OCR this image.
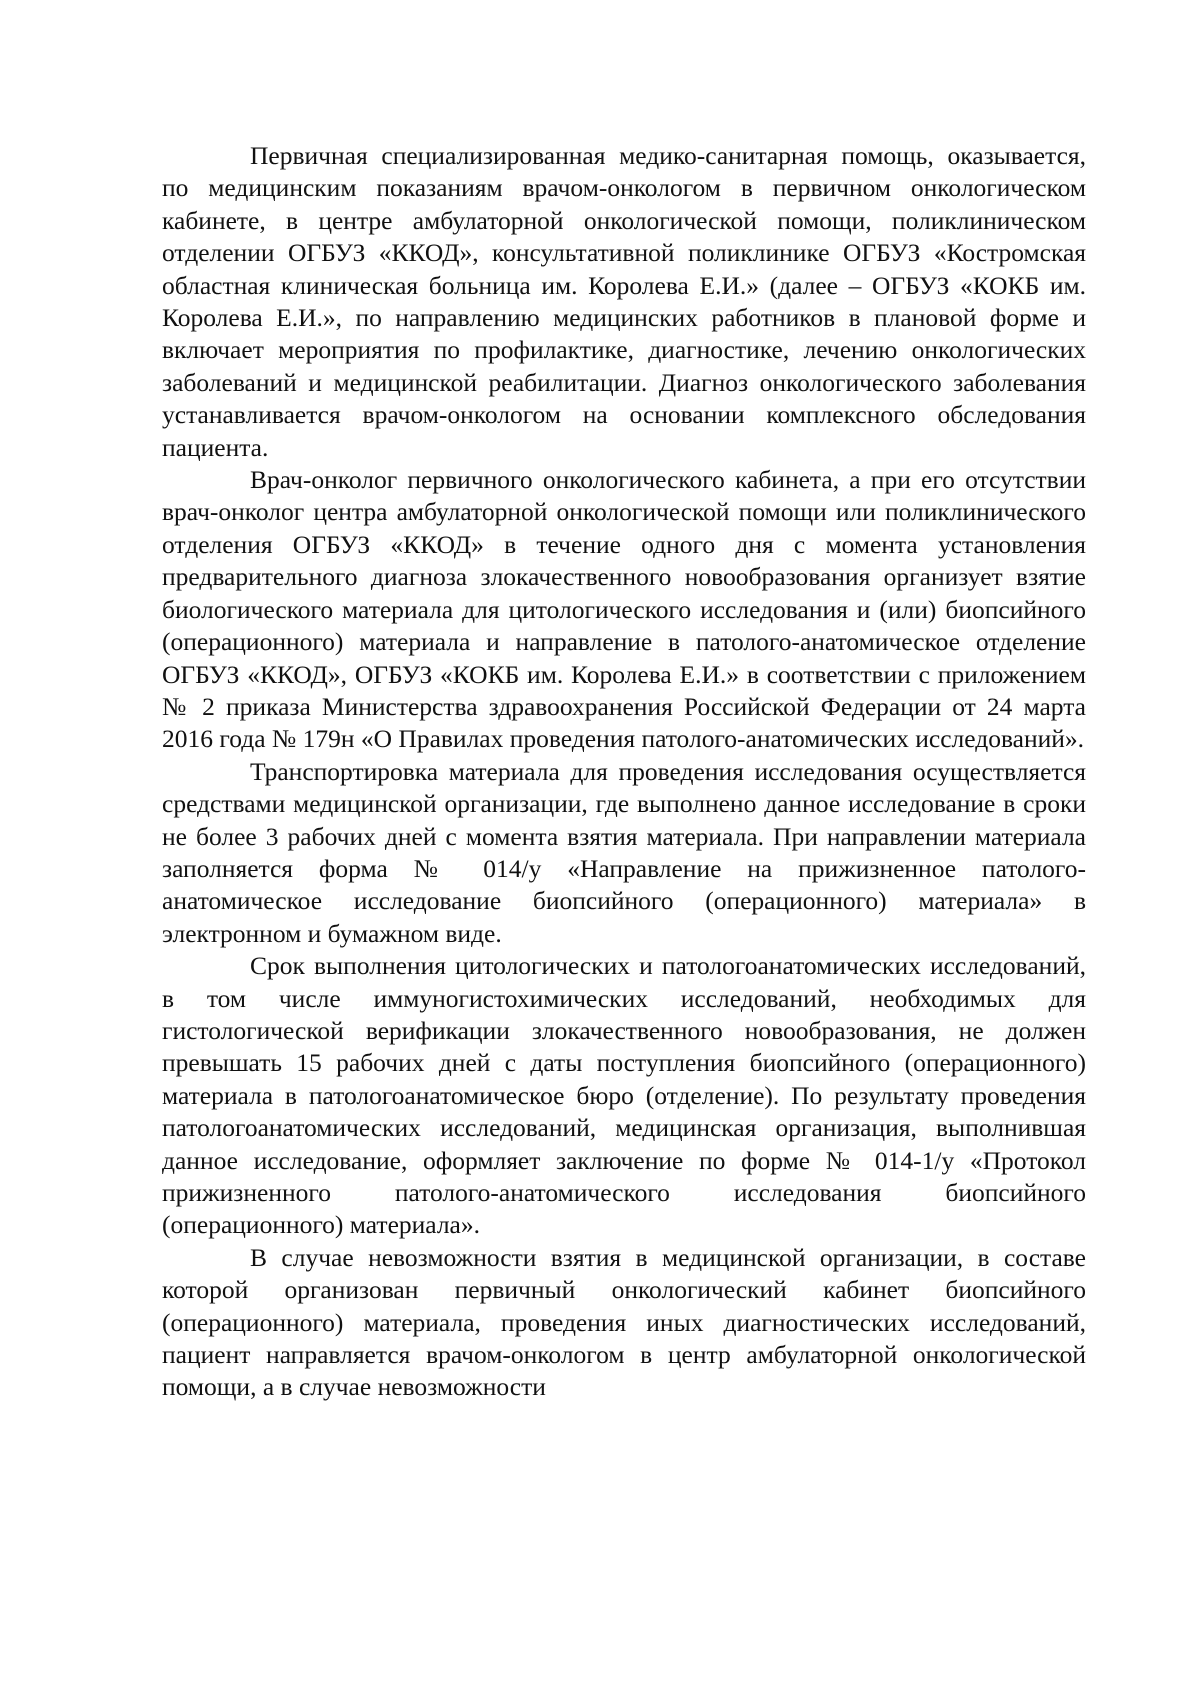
Первичная специализированная медико-санитарная помощь, оказывается, по медицинским показаниям врачом-онкологом в первичном онкологическом кабинете, в центре амбулаторной онкологической помощи, поликлиническом отделении ОГБУЗ «ККОД», консультативной поликлинике ОГБУЗ «Костромская областная клиническая больница им. Королева Е.И.» (далее – ОГБУЗ «КОКБ им. Королева Е.И.», по направлению медицинских работников в плановой форме и включает мероприятия по профилактике, диагностике, лечению онкологических заболеваний и медицинской реабилитации. Диагноз онкологического заболевания устанавливается врачом-онкологом на основании комплексного обследования пациента.

Врач-онколог первичного онкологического кабинета, а при его отсутствии врач-онколог центра амбулаторной онкологической помощи или поликлинического отделения ОГБУЗ «ККОД» в течение одного дня с момента установления предварительного диагноза злокачественного новообразования организует взятие биологического материала для цитологического исследования и (или) биопсийного (операционного) материала и направление в патолого-анатомическое отделение ОГБУЗ «ККОД», ОГБУЗ «КОКБ им. Королева Е.И.» в соответствии с приложением № 2 приказа Министерства здравоохранения Российской Федерации от 24 марта 2016 года № 179н «О Правилах проведения патолого-анатомических исследований».

Транспортировка материала для проведения исследования осуществляется средствами медицинской организации, где выполнено данное исследование в сроки не более 3 рабочих дней с момента взятия материала. При направлении материала заполняется форма № 014/у «Направление на прижизненное патолого-анатомическое исследование биопсийного (операционного) материала» в электронном и бумажном виде.

Срок выполнения цитологических и патологоанатомических исследований, в том числе иммуногистохимических исследований, необходимых для гистологической верификации злокачественного новообразования, не должен превышать 15 рабочих дней с даты поступления биопсийного (операционного) материала в патологоанатомическое бюро (отделение). По результату проведения патологоанатомических исследований, медицинская организация, выполнившая данное исследование, оформляет заключение по форме № 014-1/у «Протокол прижизненного патолого-анатомического исследования биопсийного (операционного) материала».

В случае невозможности взятия в медицинской организации, в составе которой организован первичный онкологический кабинет биопсийного (операционного) материала, проведения иных диагностических исследований, пациент направляется врачом-онкологом в центр амбулаторной онкологической помощи, а в случае невозможности
